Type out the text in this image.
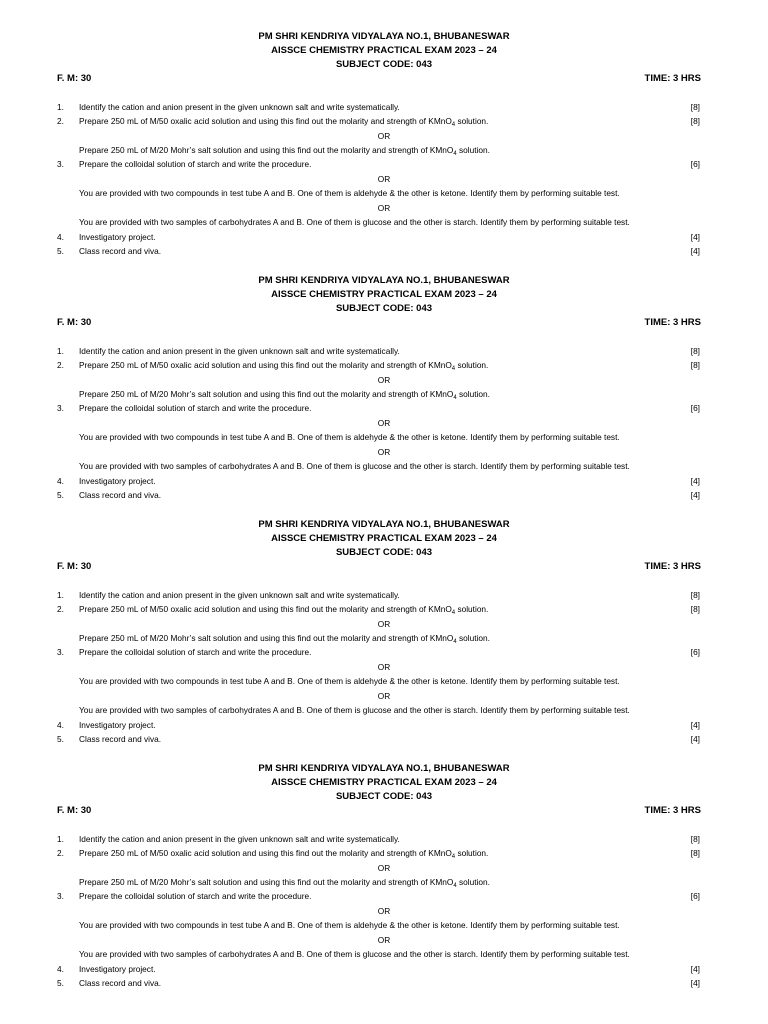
PM SHRI KENDRIYA VIDYALAYA NO.1, BHUBANESWAR
AISSCE CHEMISTRY PRACTICAL EXAM 2023 – 24
SUBJECT CODE: 043
F. M: 30	TIME: 3 HRS
1. Identify the cation and anion present in the given unknown salt and write systematically.	[8]
2. Prepare 250 mL of M/50 oxalic acid solution and using this find out the molarity and strength of KMnO$_4$ solution.	[8]
OR
Prepare 250 mL of M/20 Mohr’s salt solution and using this find out the molarity and strength of KMnO$_4$ solution.
3. Prepare the colloidal solution of starch and write the procedure.	[6]
OR
You are provided with two compounds in test tube A and B. One of them is aldehyde & the other is ketone. Identify them by performing suitable test.
OR
You are provided with two samples of carbohydrates A and B. One of them is glucose and the other is starch. Identify them by performing suitable test.
4. Investigatory project.	[4]
5. Class record and viva.	[4]
PM SHRI KENDRIYA VIDYALAYA NO.1, BHUBANESWAR
AISSCE CHEMISTRY PRACTICAL EXAM 2023 – 24
SUBJECT CODE: 043
F. M: 30	TIME: 3 HRS
1. Identify the cation and anion present in the given unknown salt and write systematically.	[8]
2. Prepare 250 mL of M/50 oxalic acid solution and using this find out the molarity and strength of KMnO$_4$ solution.	[8]
OR
Prepare 250 mL of M/20 Mohr’s salt solution and using this find out the molarity and strength of KMnO$_4$ solution.
3. Prepare the colloidal solution of starch and write the procedure.	[6]
OR
You are provided with two compounds in test tube A and B. One of them is aldehyde & the other is ketone. Identify them by performing suitable test.
OR
You are provided with two samples of carbohydrates A and B. One of them is glucose and the other is starch. Identify them by performing suitable test.
4. Investigatory project.	[4]
5. Class record and viva.	[4]
PM SHRI KENDRIYA VIDYALAYA NO.1, BHUBANESWAR
AISSCE CHEMISTRY PRACTICAL EXAM 2023 – 24
SUBJECT CODE: 043
F. M: 30	TIME: 3 HRS
1. Identify the cation and anion present in the given unknown salt and write systematically.	[8]
2. Prepare 250 mL of M/50 oxalic acid solution and using this find out the molarity and strength of KMnO$_4$ solution.	[8]
OR
Prepare 250 mL of M/20 Mohr’s salt solution and using this find out the molarity and strength of KMnO$_4$ solution.
3. Prepare the colloidal solution of starch and write the procedure.	[6]
OR
You are provided with two compounds in test tube A and B. One of them is aldehyde & the other is ketone. Identify them by performing suitable test.
OR
You are provided with two samples of carbohydrates A and B. One of them is glucose and the other is starch. Identify them by performing suitable test.
4. Investigatory project.	[4]
5. Class record and viva.	[4]
PM SHRI KENDRIYA VIDYALAYA NO.1, BHUBANESWAR
AISSCE CHEMISTRY PRACTICAL EXAM 2023 – 24
SUBJECT CODE: 043
F. M: 30	TIME: 3 HRS
1. Identify the cation and anion present in the given unknown salt and write systematically.	[8]
2. Prepare 250 mL of M/50 oxalic acid solution and using this find out the molarity and strength of KMnO$_4$ solution.	[8]
OR
Prepare 250 mL of M/20 Mohr’s salt solution and using this find out the molarity and strength of KMnO$_4$ solution.
3. Prepare the colloidal solution of starch and write the procedure.	[6]
OR
You are provided with two compounds in test tube A and B. One of them is aldehyde & the other is ketone. Identify them by performing suitable test.
OR
You are provided with two samples of carbohydrates A and B. One of them is glucose and the other is starch. Identify them by performing suitable test.
4. Investigatory project.	[4]
5. Class record and viva.	[4]
